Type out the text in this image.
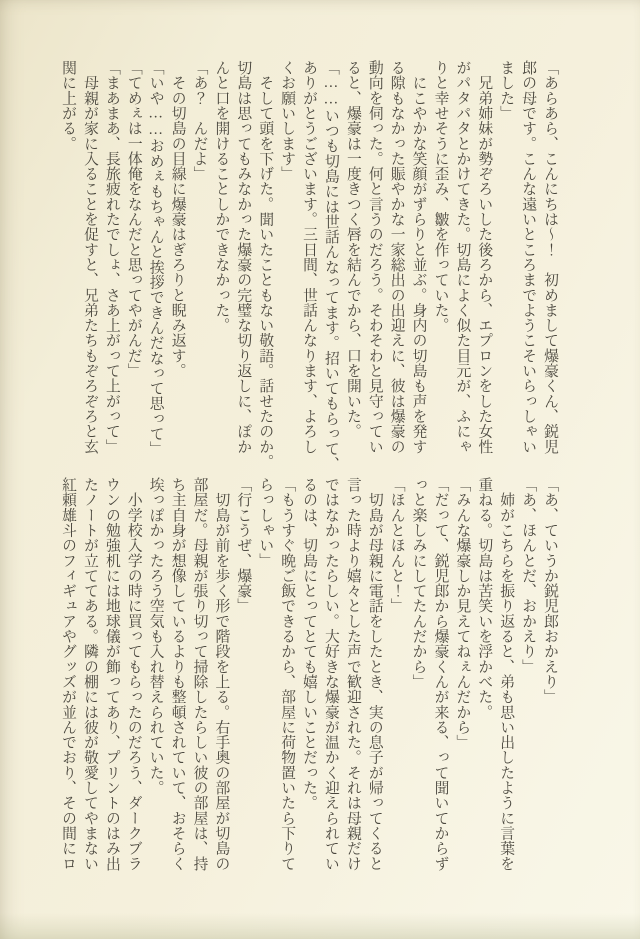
「あらあら、こんにちは～！　初めまして爆豪くん、鋭児

郎の母です。こんな遠いところまでようこそいらっしゃい

ました」

　兄弟姉妹が勢ぞろいした後ろから、エプロンをした女性

がパタパタとかけてきた。切島によく似た目元が、ふにゃ

りと幸せそうに歪み、皺を作っていた。

　にこやかな笑顔がずらりと並ぶ。身内の切島も声を発す

る隙もなかった賑やかな一家総出の出迎えに、彼は爆豪の

動向を伺った。何と言うのだろう。そわそわと見守ってい

ると、爆豪は一度きつく唇を結んでから、口を開いた。

「……いつも切島には世話んなってます。招いてもらって、

ありがとうございます。三日間、世話んなります、よろし

くお願いします」

　そして頭を下げた。聞いたこともない敬語。話せたのか。

切島は思ってもみなかった爆豪の完璧な切り返しに、ぽか

んと口を開けることしかできなかった。

「あ？　んだよ」

　その切島の目線に爆豪はぎろりと睨み返す。

「いや……おめぇもちゃんと挨拶できんだなって思って」

「てめぇは一体俺をなんだと思ってやがんだ」

「まあまあ、長旅疲れたでしょ、さあ上がって上がって」

　母親が家に入ることを促すと、兄弟たちもぞろぞろと玄

関に上がる。

「あ、ていうか鋭児郎おかえり」

「あ、ほんとだ、おかえり」

　姉がこちらを振り返ると、弟も思い出したように言葉を

重ねる。切島は苦笑いを浮かべた。

「みんな爆豪しか見えてねぇんだから」

「だって、鋭児郎から爆豪くんが来る、って聞いてからず

っと楽しみにしてたんだから」

「ほんとほんと！」

　切島が母親に電話をしたとき、実の息子が帰ってくると

言った時より嬉々とした声で歓迎された。それは母親だけ

ではなかったらしい。大好きな爆豪が温かく迎えられてい

るのは、切島にとってとても嬉しいことだった。

「もうすぐ晩ご飯できるから、部屋に荷物置いたら下りて

らっしゃい」

「行こうぜ、爆豪」

　切島が前を歩く形で階段を上る。右手奥の部屋が切島の

部屋だ。母親が張り切って掃除したらしい彼の部屋は、持

ち主自身が想像しているよりも整頓されていて、おそらく

埃っぽかったろう空気も入れ替えられていた。

　小学校入学の時に買ってもらったのだろう、ダークブラ

ウンの勉強机には地球儀が飾ってあり、プリントのはみ出

たノートが立ててある。隣の棚には彼が敬愛してやまない

紅頼雄斗のフィギュアやグッズが並んでおり、その間にロ
